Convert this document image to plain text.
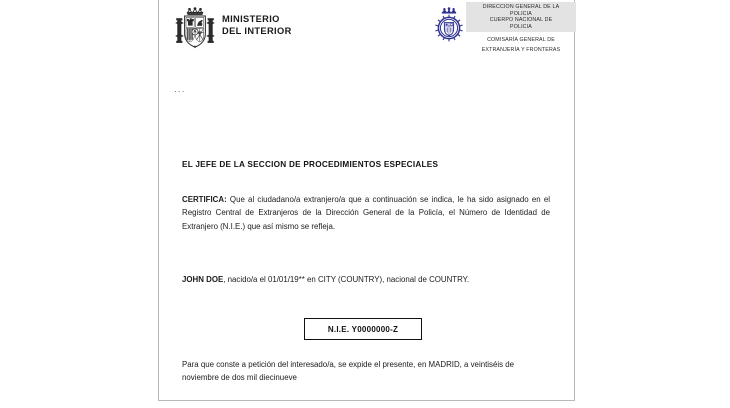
MINISTERIO
DEL INTERIOR
DIRECCION GENERAL DE LA
POLICIA
CUERPO NACIONAL DE
POLICIA
COMISARÍA GENERAL DE
EXTRANJERÍA Y FRONTERAS
···
EL JEFE DE LA SECCION DE PROCEDIMIENTOS ESPECIALES
CERTIFICA: Que al ciudadano/a extranjero/a que a continuación se indica, le ha sido asignado en el Registro Central de Extranjeros de la Dirección General de la Policía, el Número de Identidad de Extranjero (N.I.E.) que así mismo se refleja.
JOHN DOE, nacido/a el 01/01/19** en CITY (COUNTRY), nacional de COUNTRY.
N.I.E. Y0000000-Z
Para que conste a petición del interesado/a, se expide el presente, en MADRID, a veintiséis de noviembre de dos mil diecinueve
